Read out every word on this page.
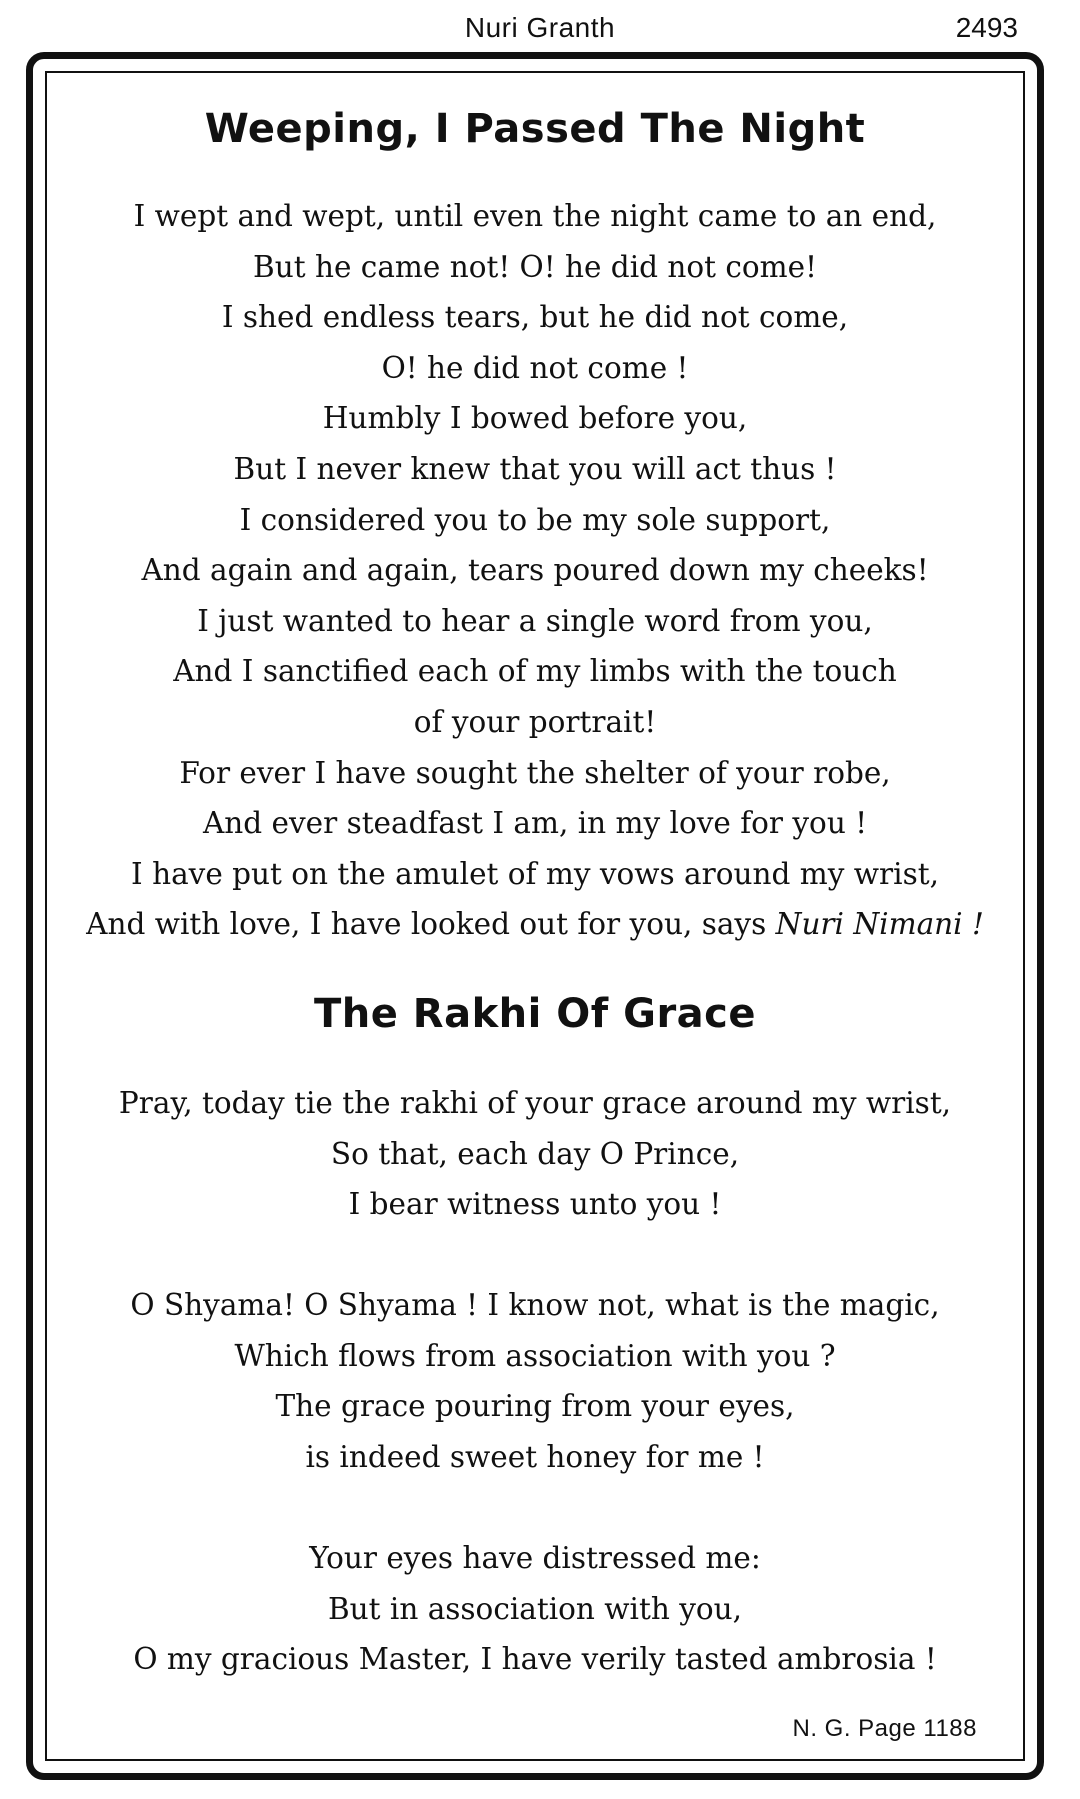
Nuri Granth	2493
Weeping, I Passed The Night
I wept and wept, until even the night came to an end,
But he came not! O! he did not come!
I shed endless tears, but he did not come,
O! he did not come !
Humbly I bowed before you,
But I never knew that you will act thus !
I considered you to be my sole support,
And again and again, tears poured down my cheeks!
I just wanted to hear a single word from you,
And I sanctified each of my limbs with the touch
of your portrait!
For ever I have sought the shelter of your robe,
And ever steadfast I am, in my love for you !
I have put on the amulet of my vows around my wrist,
And with love, I have looked out for you, says Nuri Nimani !
The Rakhi Of Grace
Pray, today tie the rakhi of your grace around my wrist,
So that, each day O Prince,
I bear witness unto you !
O Shyama! O Shyama ! I know not, what is the magic,
Which flows from association with you ?
The grace pouring from your eyes,
is indeed sweet honey for me !
Your eyes have distressed me:
But in association with you,
O my gracious Master, I have verily tasted ambrosia !
N. G. Page 1188
